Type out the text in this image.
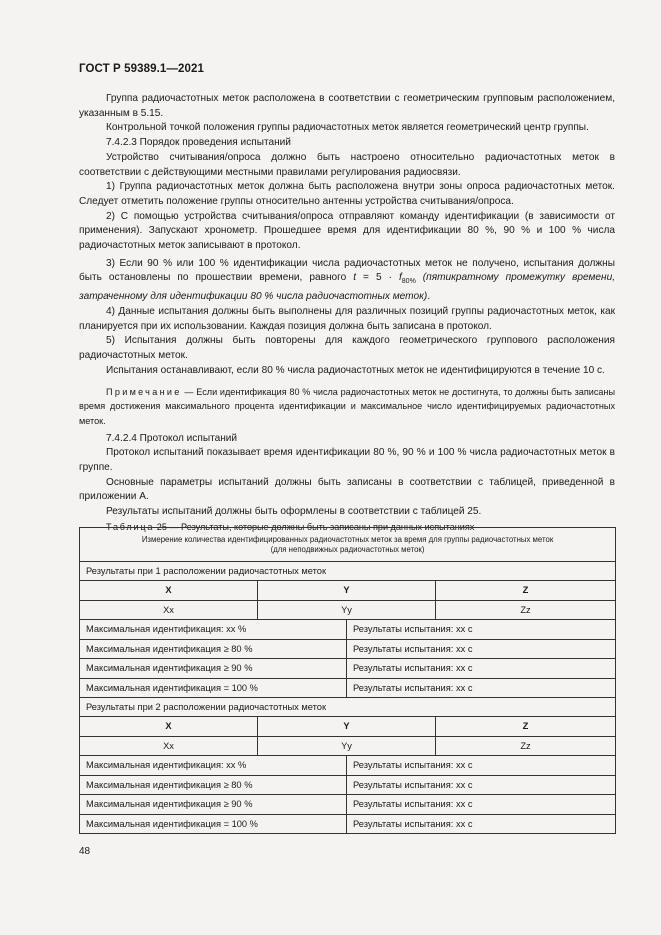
ГОСТ Р 59389.1—2021

Группа радиочастотных меток расположена в соответствии с геометрическим групповым расположением, указанным в 5.15.

Контрольной точкой положения группы радиочастотных меток является геометрический центр группы.

7.4.2.3 Порядок проведения испытаний

Устройство считывания/опроса должно быть настроено относительно радиочастотных меток в соответствии с действующими местными правилами регулирования радиосвязи.

1) Группа радиочастотных меток должна быть расположена внутри зоны опроса радиочастотных меток. Следует отметить положение группы относительно антенны устройства считывания/опроса.

2) С помощью устройства считывания/опроса отправляют команду идентификации (в зависимости от применения). Запускают хронометр. Прошедшее время для идентификации 80 %, 90 % и 100 % числа радиочастотных меток записывают в протокол.

3) Если 90 % или 100 % идентификации числа радиочастотных меток не получено, испытания должны быть остановлены по прошествии времени, равного $t = 5 \cdot f_{80\%}$ (пятикратному промежутку времени, затраченному для идентификации 80 % числа радиочастотных меток).

4) Данные испытания должны быть выполнены для различных позиций группы радиочастотных меток, как планируется при их использовании. Каждая позиция должна быть записана в протокол.

5) Испытания должны быть повторены для каждого геометрического группового расположения радиочастотных меток.

Испытания останавливают, если 80 % числа радиочастотных меток не идентифицируются в течение 10 с.

Примечание — Если идентификация 80 % числа радиочастотных меток не достигнута, то должны быть записаны время достижения максимального процента идентификации и максимальное число идентифицируемых радиочастотных меток.

7.4.2.4 Протокол испытаний

Протокол испытаний показывает время идентификации 80 %, 90 % и 100 % числа радиочастотных меток в группе.

Основные параметры испытаний должны быть записаны в соответствии с таблицей, приведенной в приложении А.

Результаты испытаний должны быть оформлены в соответствии с таблицей 25.

Таблица 25 — Результаты, которые должны быть записаны при данных испытаниях

Измерение количества идентифицированных радиочастотных меток за время для группы радиочастотных меток
(для неподвижных радиочастотных меток)			
Результаты при 1 расположении радиочастотных меток			
X	Y		Z
Xx	Yy		Zz
Максимальная идентификация: xx %		Результаты испытания: xx c	
Максимальная идентификация ≥ 80 %		Результаты испытания: xx c	
Максимальная идентификация ≥ 90 %		Результаты испытания: xx c	
Максимальная идентификация = 100 %		Результаты испытания: xx c	
Результаты при 2 расположении радиочастотных меток			
X	Y		Z
Xx	Yy		Zz
Максимальная идентификация: xx %		Результаты испытания: xx c	
Максимальная идентификация ≥ 80 %		Результаты испытания: xx c	
Максимальная идентификация ≥ 90 %		Результаты испытания: xx c	
Максимальная идентификация = 100 %		Результаты испытания: xx c	
48
